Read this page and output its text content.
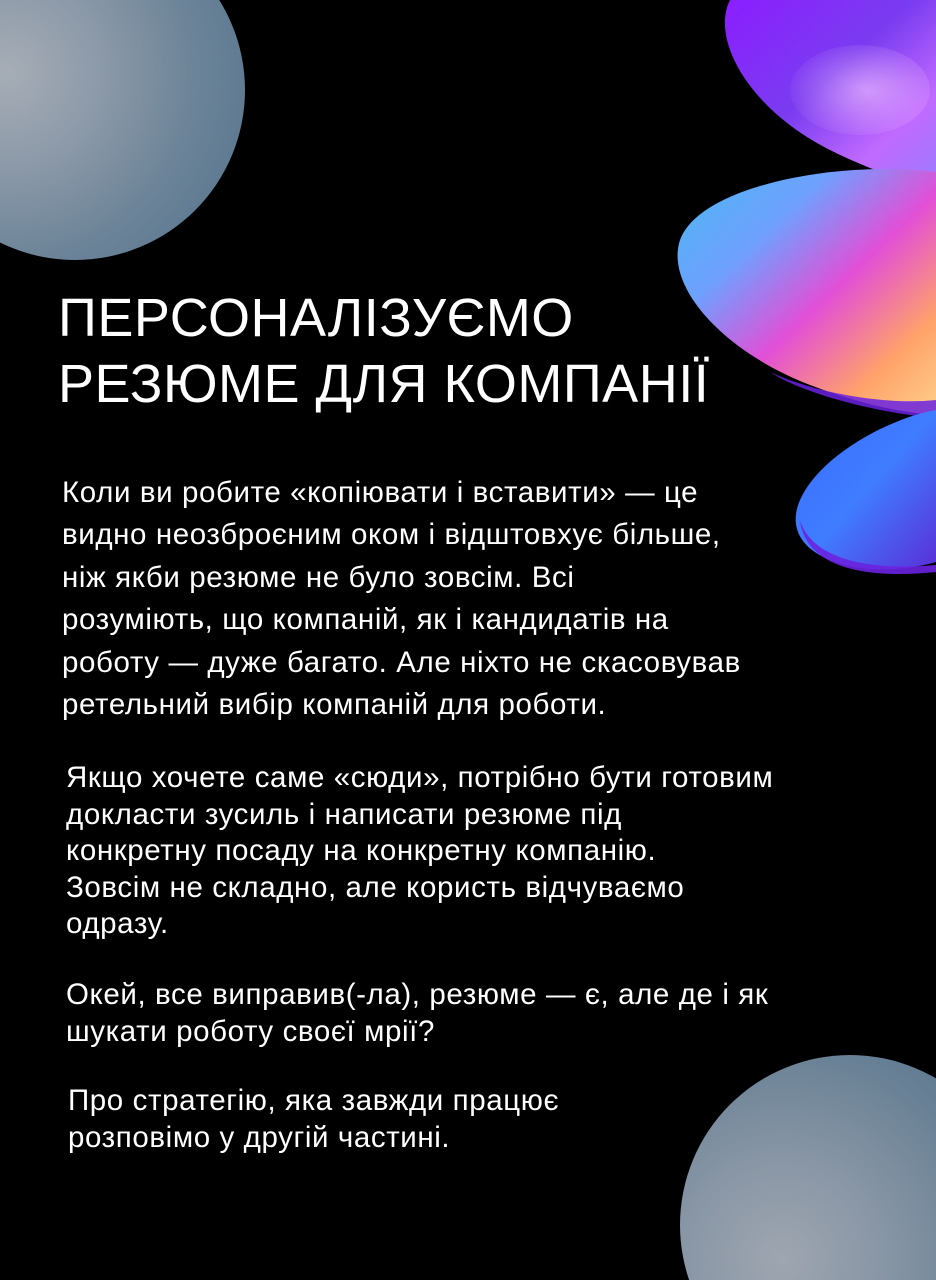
ПЕРСОНАЛІЗУЄМО
РЕЗЮМЕ ДЛЯ КОМПАНІЇ

Коли ви робите «копіювати і вставити» — це
видно неозброєним оком і відштовхує більше,
ніж якби резюме не було зовсім. Всі
розуміють, що компаній, як і кандидатів на
роботу — дуже багато. Але ніхто не скасовував
ретельний вибір компаній для роботи.

Якщо хочете саме «сюди», потрібно бути готовим
докласти зусиль і написати резюме під
конкретну посаду на конкретну компанію.
Зовсім не складно, але користь відчуваємо
одразу.

Окей, все виправив(-ла), резюме — є, але де і як
шукати роботу своєї мрії?

Про стратегію, яка завжди працює
розповімо у другій частині.
